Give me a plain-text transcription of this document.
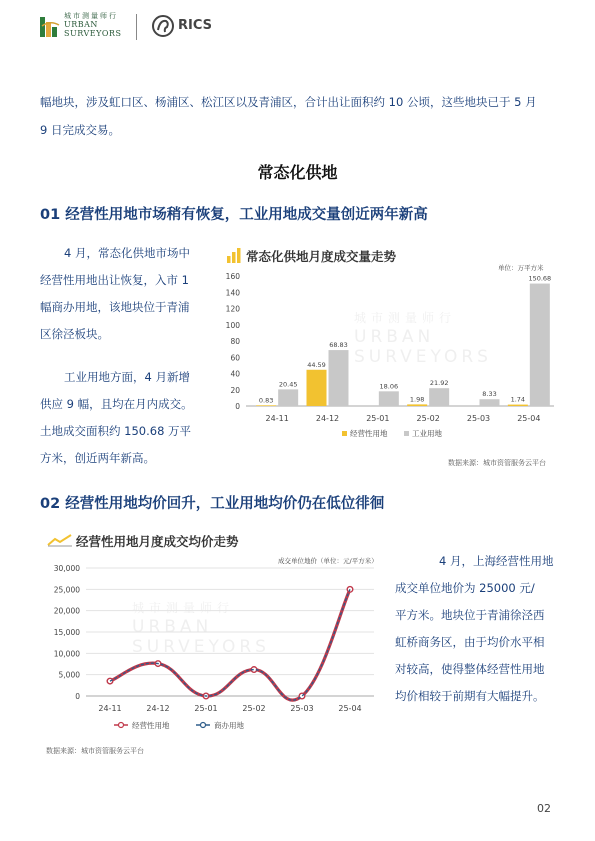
城市测量师行
URBAN
SURVEYORS
RICS
幅地块，涉及虹口区、杨浦区、松江区以及青浦区，合计出让面积约 10 公顷，这些地块已于 5 月
9 日完成交易。
常态化供地
01 经营性用地市场稍有恢复，工业用地成交量创近两年新高
4 月，常态化供地市场中
经营性用地出让恢复，入市 1
幅商办用地，该地块位于青浦
区徐泾板块。
工业用地方面，4 月新增
供应 9 幅，且均在月内成交。
土地成交面积约 150.68 万平
方米，创近两年新高。
常态化供地月度成交量走势
单位：万平方米
城市测量师行
URBAN
SURVEYORS
0
20
40
60
80
100
120
140
160
24-11
0.83
20.45
24-12
44.59
68.83
25-01
18.06
25-02
1.98
21.92
25-03
8.33
25-04
1.74
150.68
经营性用地	工业用地
数据来源：城市资管服务云平台
02 经营性用地均价回升，工业用地均价仍在低位徘徊
经营性用地月度成交均价走势
成交单位地价（单位：元/平方米）
城市测量师行
URBAN
SURVEYORS
0
5,000
10,000
15,000
20,000
25,000
30,000
24-11	24-12	25-01	25-02	25-03	25-04
经营性用地	商办用地
数据来源：城市资管服务云平台
4 月，上海经营性用地
成交单位地价为 25000 元/
平方米。地块位于青浦徐泾西
虹桥商务区，由于均价水平相
对较高，使得整体经营性用地
均价相较于前期有大幅提升。
02
